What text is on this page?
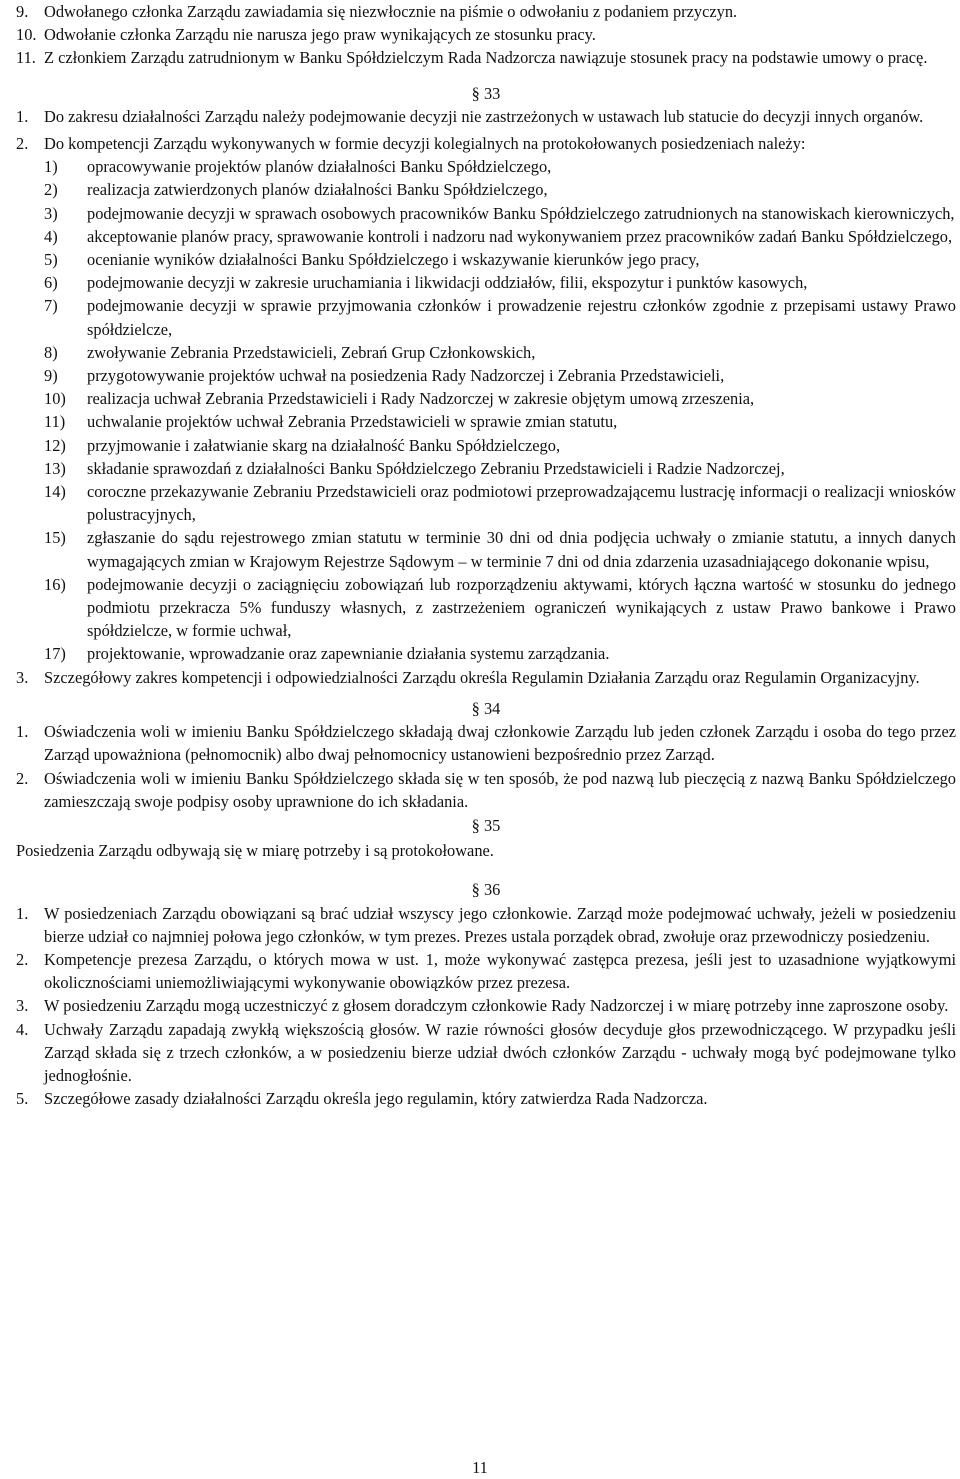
9. Odwołanego członka Zarządu zawiadamia się niezwłocznie na piśmie o odwołaniu z podaniem przyczyn.
10. Odwołanie członka Zarządu nie narusza jego praw wynikających ze stosunku pracy.
11. Z członkiem Zarządu zatrudnionym w Banku Spółdzielczym Rada Nadzorcza nawiązuje stosunek pracy na podstawie umowy o pracę.
§ 33
1. Do zakresu działalności Zarządu należy podejmowanie decyzji nie zastrzeżonych w ustawach lub statucie do decyzji innych organów.
2. Do kompetencji Zarządu wykonywanych w formie decyzji kolegialnych na protokołowanych posiedzeniach należy:
1) opracowywanie projektów planów działalności Banku Spółdzielczego,
2) realizacja zatwierdzonych planów działalności Banku Spółdzielczego,
3) podejmowanie decyzji w sprawach osobowych pracowników Banku Spółdzielczego zatrudnionych na stanowiskach kierowniczych,
4) akceptowanie planów pracy, sprawowanie kontroli i nadzoru nad wykonywaniem przez pracowników zadań Banku Spółdzielczego,
5) ocenianie wyników działalności Banku Spółdzielczego i wskazywanie kierunków jego pracy,
6) podejmowanie decyzji w zakresie uruchamiania i likwidacji oddziałów, filii, ekspozytur i punktów kasowych,
7) podejmowanie decyzji w sprawie przyjmowania członków i prowadzenie rejestru członków zgodnie z przepisami ustawy Prawo spółdzielcze,
8) zwoływanie Zebrania Przedstawicieli, Zebrań Grup Członkowskich,
9) przygotowywanie projektów uchwał na posiedzenia Rady Nadzorczej i Zebrania Przedstawicieli,
10) realizacja uchwał Zebrania Przedstawicieli i Rady Nadzorczej w zakresie objętym umową zrzeszenia,
11) uchwalanie projektów uchwał Zebrania Przedstawicieli w sprawie zmian statutu,
12) przyjmowanie i załatwianie skarg na działalność Banku Spółdzielczego,
13) składanie sprawozdań z działalności Banku Spółdzielczego Zebraniu Przedstawicieli i Radzie Nadzorczej,
14) coroczne przekazywanie Zebraniu Przedstawicieli oraz podmiotowi przeprowadzającemu lustrację informacji o realizacji wniosków polustracyjnych,
15) zgłaszanie do sądu rejestrowego zmian statutu w terminie 30 dni od dnia podjęcia uchwały o zmianie statutu, a innych danych wymagających zmian w Krajowym Rejestrze Sądowym – w terminie 7 dni od dnia zdarzenia uzasadniającego dokonanie wpisu,
16) podejmowanie decyzji o zaciągnięciu zobowiązań lub rozporządzeniu aktywami, których łączna wartość w stosunku do jednego podmiotu przekracza 5% funduszy własnych, z zastrzeżeniem ograniczeń wynikających z ustaw Prawo bankowe i Prawo spółdzielcze, w formie uchwał,
17) projektowanie, wprowadzanie oraz zapewnianie działania systemu zarządzania.
3. Szczegółowy zakres kompetencji i odpowiedzialności Zarządu określa Regulamin Działania Zarządu oraz Regulamin Organizacyjny.
§ 34
1. Oświadczenia woli w imieniu Banku Spółdzielczego składają dwaj członkowie Zarządu lub jeden członek Zarządu i osoba do tego przez Zarząd upoważniona (pełnomocnik) albo dwaj pełnomocnicy ustanowieni bezpośrednio przez Zarząd.
2. Oświadczenia woli w imieniu Banku Spółdzielczego składa się w ten sposób, że pod nazwą lub pieczęcią z nazwą Banku Spółdzielczego zamieszczają swoje podpisy osoby uprawnione do ich składania.
§ 35
Posiedzenia Zarządu odbywają się w miarę potrzeby i są protokołowane.
§ 36
1. W posiedzeniach Zarządu obowiązani są brać udział wszyscy jego członkowie. Zarząd może podejmować uchwały, jeżeli w posiedzeniu bierze udział co najmniej połowa jego członków, w tym prezes. Prezes ustala porządek obrad, zwołuje oraz przewodniczy posiedzeniu.
2. Kompetencje prezesa Zarządu, o których mowa w ust. 1, może wykonywać zastępca prezesa, jeśli jest to uzasadnione wyjątkowymi okolicznościami uniemożliwiającymi wykonywanie obowiązków przez prezesa.
3. W posiedzeniu Zarządu mogą uczestniczyć z głosem doradczym członkowie Rady Nadzorczej i w miarę potrzeby inne zaproszone osoby.
4. Uchwały Zarządu zapadają zwykłą większością głosów. W razie równości głosów decyduje głos przewodniczącego. W przypadku jeśli Zarząd składa się z trzech członków, a w posiedzeniu bierze udział dwóch członków Zarządu - uchwały mogą być podejmowane tylko jednogłośnie.
5. Szczegółowe zasady działalności Zarządu określa jego regulamin, który zatwierdza Rada Nadzorcza.
11
